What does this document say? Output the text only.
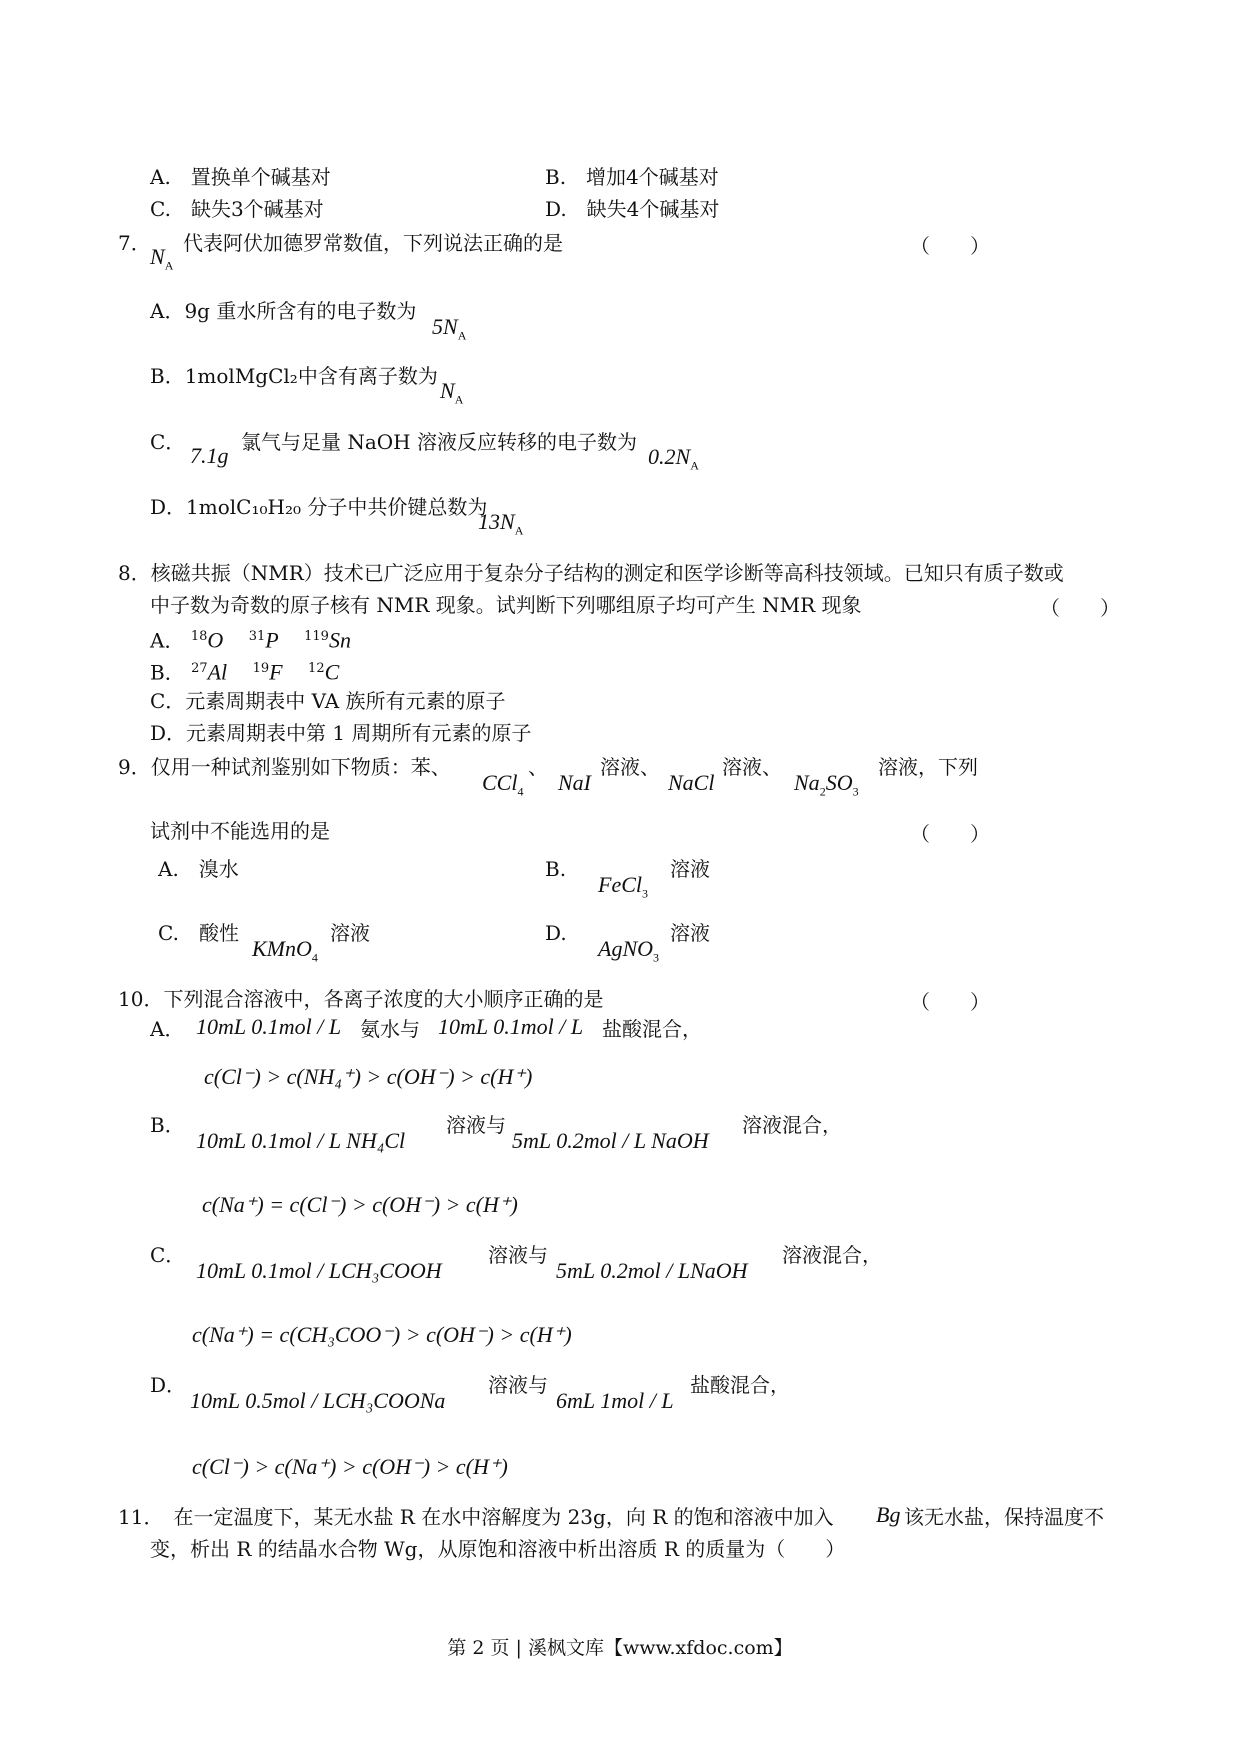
A.　置换单个碱基对	B.　增加4个碱基对
C.　缺失3个碱基对	D.　缺失4个碱基对
7．
$N_A$
代表阿伏加德罗常数值，下列说法正确的是	（　　）
A．9g 重水所含有的电子数为
$5N_A$
B．1molMgCl₂中含有离子数为
$N_A$
C．
7.1g
氯气与足量 NaOH 溶液反应转移的电子数为
$0.2N_A$
D．1molC₁₀H₂₀ 分子中共价键总数为
$13N_A$
8．核磁共振（NMR）技术已广泛应用于复杂分子结构的测定和医学诊断等高科技领域。已知只有质子数或
中子数为奇数的原子核有 NMR 现象。试判断下列哪组原子均可产生 NMR 现象	（　　）
A． $^{18}$O $^{31}$P $^{119}$Sn
B． $^{27}$Al $^{19}$F $^{12}$C
C．元素周期表中 VA 族所有元素的原子
D．元素周期表中第 1 周期所有元素的原子
9．仅用一种试剂鉴别如下物质：苯、
CCl$_4$
、
NaI
溶液、
NaCl
溶液、
$Na_2SO_3$
溶液，下列
试剂中不能选用的是	（　　）
A.　溴水	B.
FeCl$_3$
溶液
C.　酸性
KMnO$_4$
溶液	D.
AgNO$_3$
溶液
10．下列混合溶液中，各离子浓度的大小顺序正确的是	（　　）
A． 10mL 0.1mol / L 氨水与 10mL 0.1mol / L 盐酸混合，
c(Cl⁻) > c(NH₄⁺) > c(OH⁻) > c(H⁺)
B．
10mL 0.1mol / L NH₄Cl
溶液与
5mL 0.2mol / L NaOH
溶液混合，
c(Na⁺) = c(Cl⁻) > c(OH⁻) > c(H⁺)
C．
10mL 0.1mol / LCH₃COOH
溶液与
5mL 0.2mol / LNaOH
溶液混合，
c(Na⁺) = c(CH₃COO⁻) > c(OH⁻) > c(H⁺)
D．
10mL 0.5mol / LCH₃COONa
溶液与
6mL 1mol / L
盐酸混合，
c(Cl⁻) > c(Na⁺) > c(OH⁻) > c(H⁺)
11．　在一定温度下，某无水盐 R 在水中溶解度为 23g，向 R 的饱和溶液中加入 Bg 该无水盐，保持温度不
变，析出 R 的结晶水合物 Wg，从原饱和溶液中析出溶质 R 的质量为（　　）
第 2 页 | 溪枫文库【www.xfdoc.com】
